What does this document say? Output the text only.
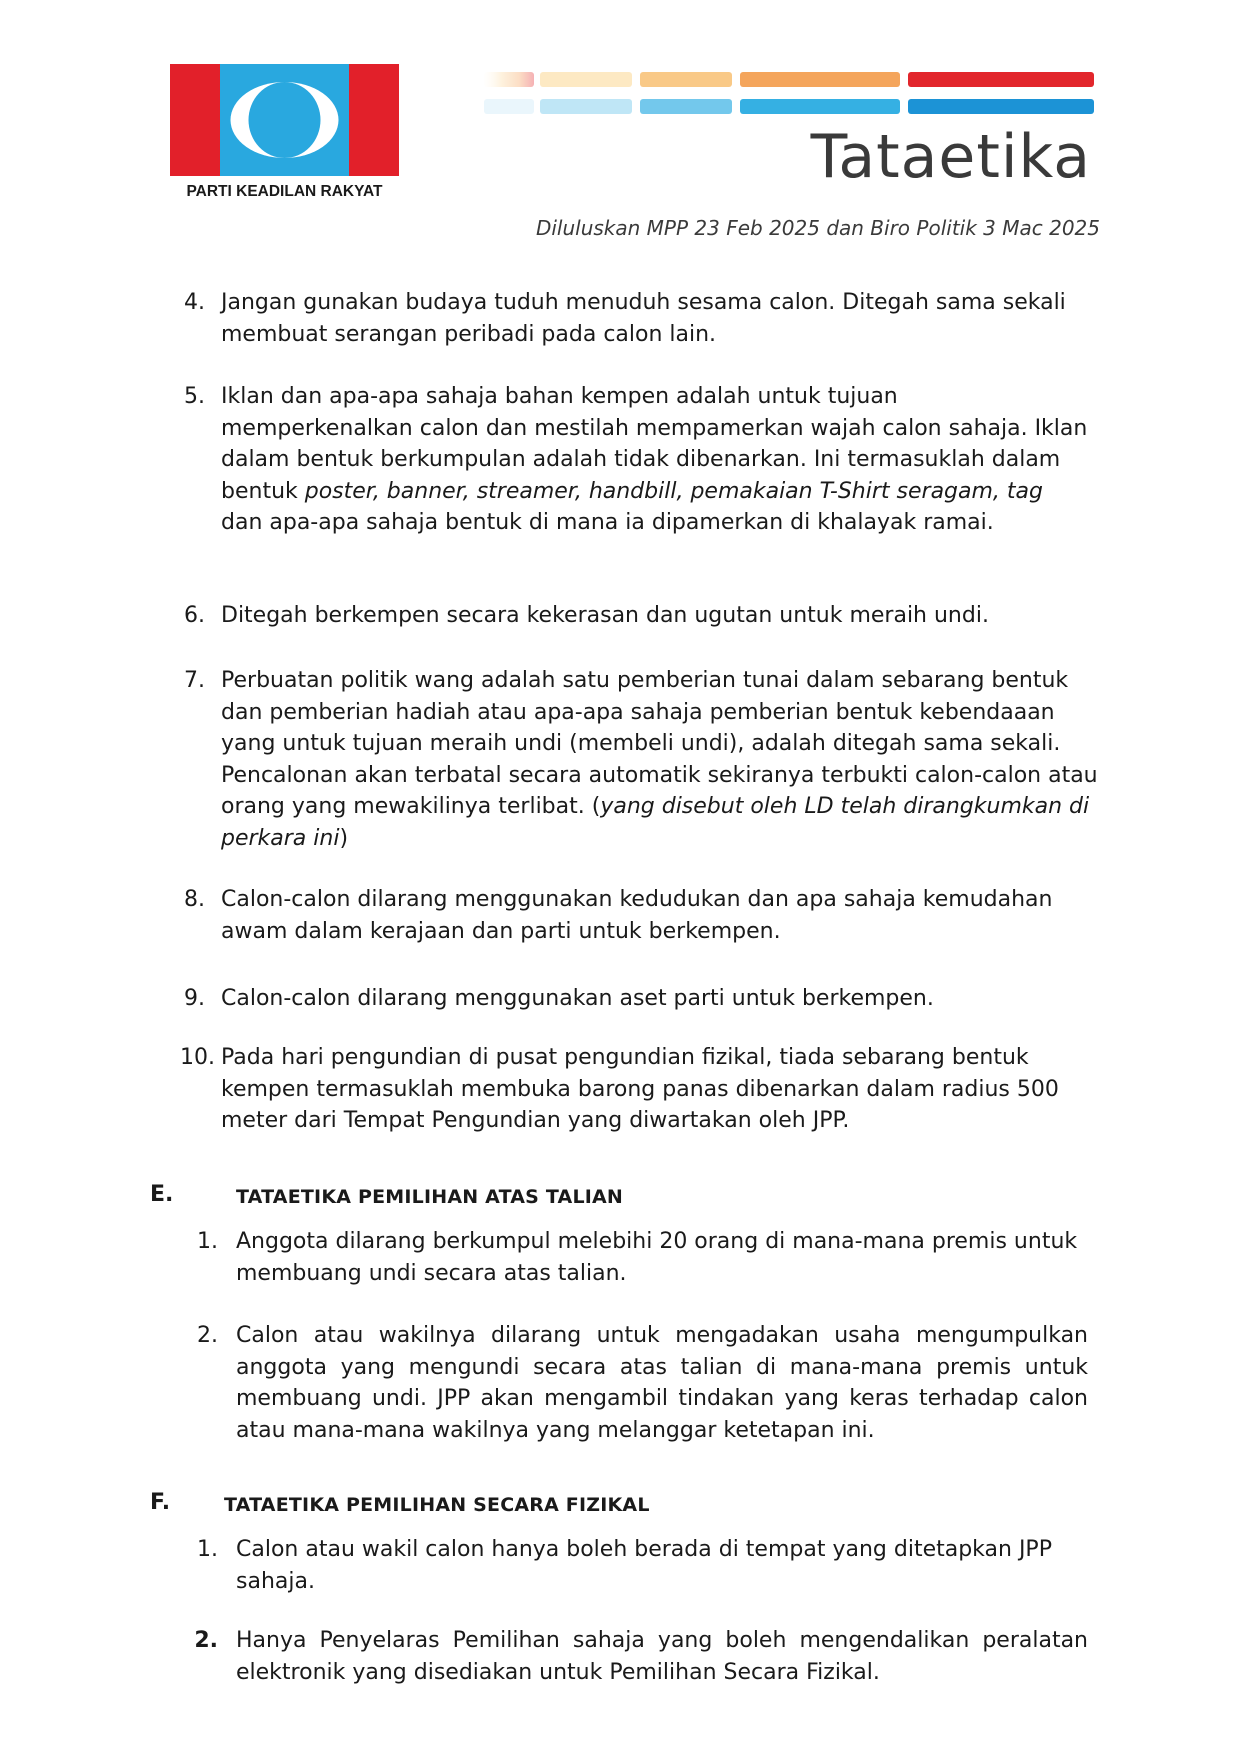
PARTI KEADILAN RAKYAT	Tataetika
Diluluskan MPP 23 Feb 2025 dan Biro Politik 3 Mac 2025
4. Jangan gunakan budaya tuduh menuduh sesama calon. Ditegah sama sekali membuat serangan peribadi pada calon lain.
5. Iklan dan apa-apa sahaja bahan kempen adalah untuk tujuan memperkenalkan calon dan mestilah mempamerkan wajah calon sahaja. Iklan dalam bentuk berkumpulan adalah tidak dibenarkan. Ini termasuklah dalam bentuk poster, banner, streamer, handbill, pemakaian T-Shirt seragam, tag dan apa-apa sahaja bentuk di mana ia dipamerkan di khalayak ramai.
6. Ditegah berkempen secara kekerasan dan ugutan untuk meraih undi.
7. Perbuatan politik wang adalah satu pemberian tunai dalam sebarang bentuk dan pemberian hadiah atau apa-apa sahaja pemberian bentuk kebendaaan yang untuk tujuan meraih undi (membeli undi), adalah ditegah sama sekali. Pencalonan akan terbatal secara automatik sekiranya terbukti calon-calon atau orang yang mewakilinya terlibat. (yang disebut oleh LD telah dirangkumkan di perkara ini)
8. Calon-calon dilarang menggunakan kedudukan dan apa sahaja kemudahan awam dalam kerajaan dan parti untuk berkempen.
9. Calon-calon dilarang menggunakan aset parti untuk berkempen.
10. Pada hari pengundian di pusat pengundian fizikal, tiada sebarang bentuk kempen termasuklah membuka barong panas dibenarkan dalam radius 500 meter dari Tempat Pengundian yang diwartakan oleh JPP.
E.	TATAETIKA PEMILIHAN ATAS TALIAN
1. Anggota dilarang berkumpul melebihi 20 orang di mana-mana premis untuk membuang undi secara atas talian.
2. Calon atau wakilnya dilarang untuk mengadakan usaha mengumpulkan anggota yang mengundi secara atas talian di mana-mana premis untuk membuang undi. JPP akan mengambil tindakan yang keras terhadap calon atau mana-mana wakilnya yang melanggar ketetapan ini.
F.	TATAETIKA PEMILIHAN SECARA FIZIKAL
1. Calon atau wakil calon hanya boleh berada di tempat yang ditetapkan JPP sahaja.
2. Hanya Penyelaras Pemilihan sahaja yang boleh mengendalikan peralatan elektronik yang disediakan untuk Pemilihan Secara Fizikal.
